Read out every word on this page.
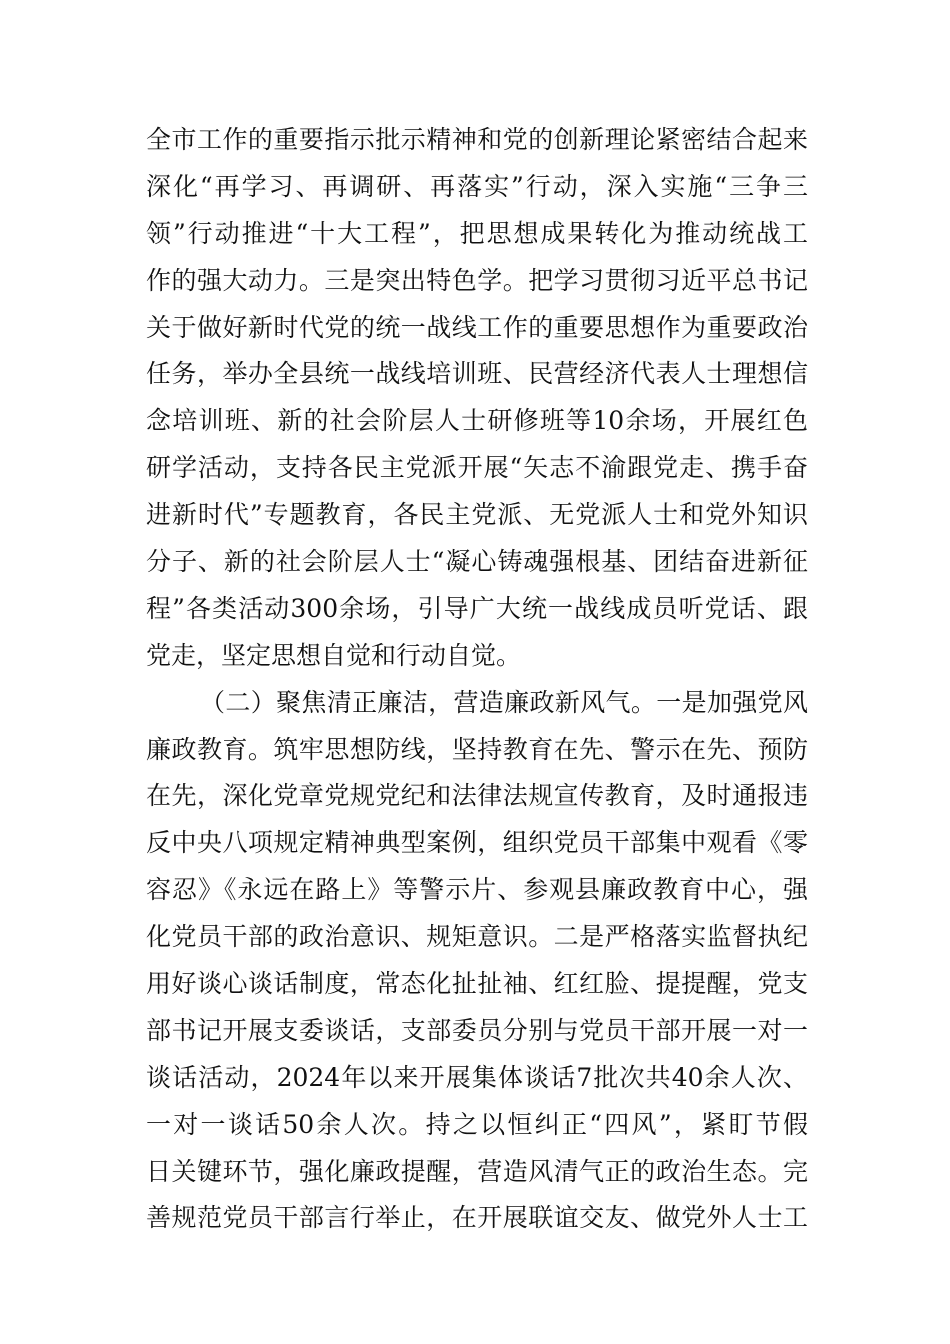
全市工作的重要指示批示精神和党的创新理论紧密结合起来
深化“再学习、再调研、再落实”行动，深入实施“三争三
领”行动推进“十大工程”，把思想成果转化为推动统战工
作的强大动力。三是突出特色学。把学习贯彻习近平总书记
关于做好新时代党的统一战线工作的重要思想作为重要政治
任务，举办全县统一战线培训班、民营经济代表人士理想信
念培训班、新的社会阶层人士研修班等10余场，开展红色
研学活动，支持各民主党派开展“矢志不渝跟党走、携手奋
进新时代”专题教育，各民主党派、无党派人士和党外知识
分子、新的社会阶层人士“凝心铸魂强根基、团结奋进新征
程”各类活动300余场，引导广大统一战线成员听党话、跟
党走，坚定思想自觉和行动自觉。
（二）聚焦清正廉洁，营造廉政新风气。一是加强党风
廉政教育。筑牢思想防线，坚持教育在先、警示在先、预防
在先，深化党章党规党纪和法律法规宣传教育，及时通报违
反中央八项规定精神典型案例，组织党员干部集中观看《零
容忍》《永远在路上》等警示片、参观县廉政教育中心，强
化党员干部的政治意识、规矩意识。二是严格落实监督执纪
用好谈心谈话制度，常态化扯扯袖、红红脸、提提醒，党支
部书记开展支委谈话，支部委员分别与党员干部开展一对一
谈话活动，2024年以来开展集体谈话7批次共40余人次、
一对一谈话50余人次。持之以恒纠正“四风”，紧盯节假
日关键环节，强化廉政提醒，营造风清气正的政治生态。完
善规范党员干部言行举止，在开展联谊交友、做党外人士工
